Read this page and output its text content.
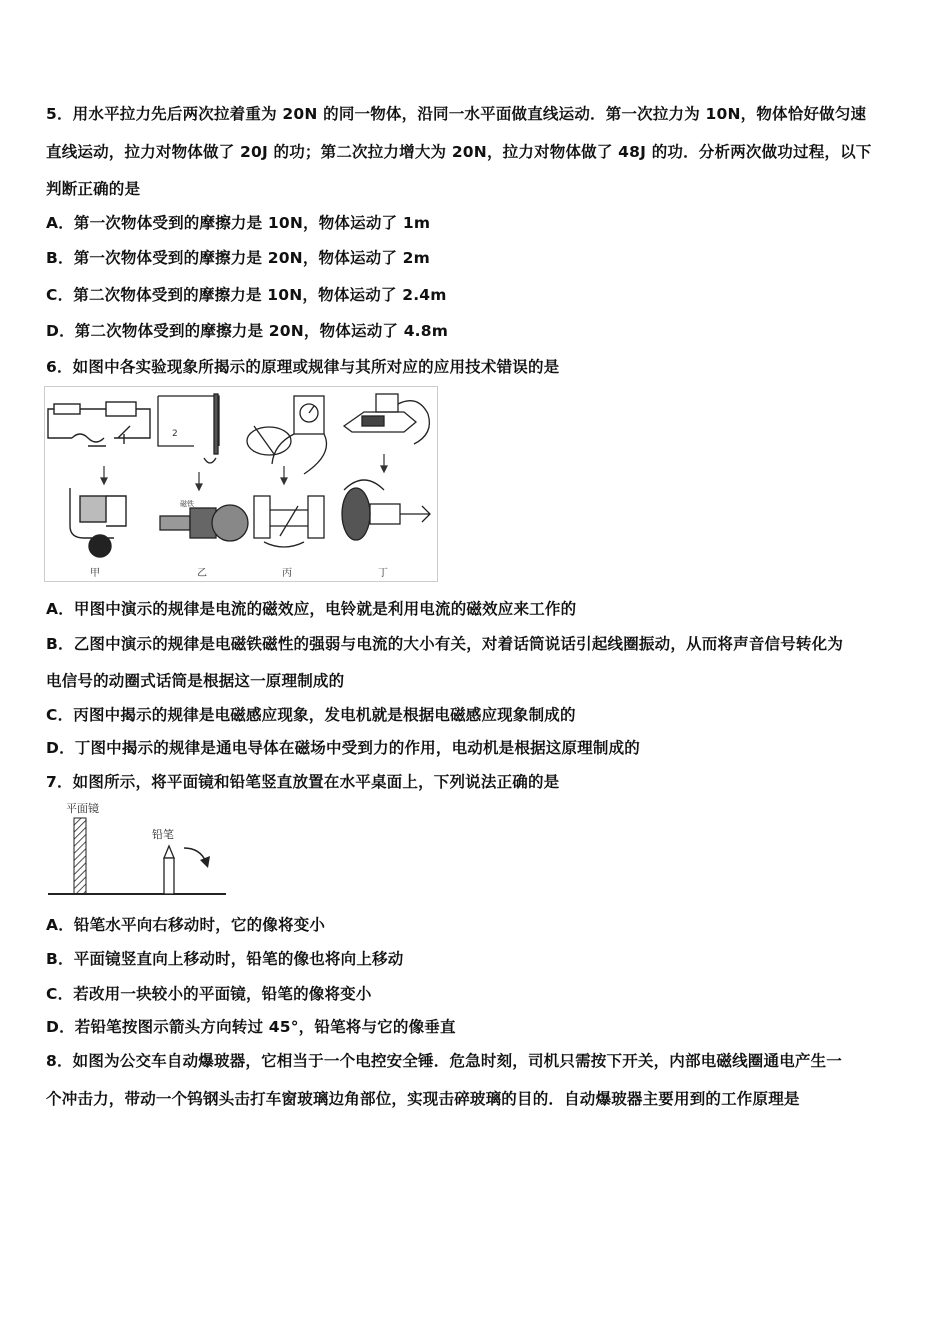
5．用水平拉力先后两次拉着重为 20N 的同一物体，沿同一水平面做直线运动．第一次拉力为 10N，物体恰好做匀速
直线运动，拉力对物体做了 20J 的功；第二次拉力增大为 20N，拉力对物体做了 48J 的功．分析两次做功过程，以下
判断正确的是
A．第一次物体受到的摩擦力是 10N，物体运动了 1m
B．第一次物体受到的摩擦力是 20N，物体运动了 2m
C．第二次物体受到的摩擦力是 10N，物体运动了 2.4m
D．第二次物体受到的摩擦力是 20N，物体运动了 4.8m
6．如图中各实验现象所揭示的原理或规律与其所对应的应用技术错误的是
2
磁铁
甲	乙	丙	丁
A．甲图中演示的规律是电流的磁效应，电铃就是利用电流的磁效应来工作的
B．乙图中演示的规律是电磁铁磁性的强弱与电流的大小有关，对着话筒说话引起线圈振动，从而将声音信号转化为
电信号的动圈式话筒是根据这一原理制成的
C．丙图中揭示的规律是电磁感应现象，发电机就是根据电磁感应现象制成的
D．丁图中揭示的规律是通电导体在磁场中受到力的作用，电动机是根据这原理制成的
7．如图所示，将平面镜和铅笔竖直放置在水平桌面上，下列说法正确的是
平面镜
铅笔
A．铅笔水平向右移动时，它的像将变小
B．平面镜竖直向上移动时，铅笔的像也将向上移动
C．若改用一块较小的平面镜，铅笔的像将变小
D．若铅笔按图示箭头方向转过 45°，铅笔将与它的像垂直
8．如图为公交车自动爆玻器，它相当于一个电控安全锤．危急时刻，司机只需按下开关，内部电磁线圈通电产生一
个冲击力，带动一个钨钢头击打车窗玻璃边角部位，实现击碎玻璃的目的．自动爆玻器主要用到的工作原理是
